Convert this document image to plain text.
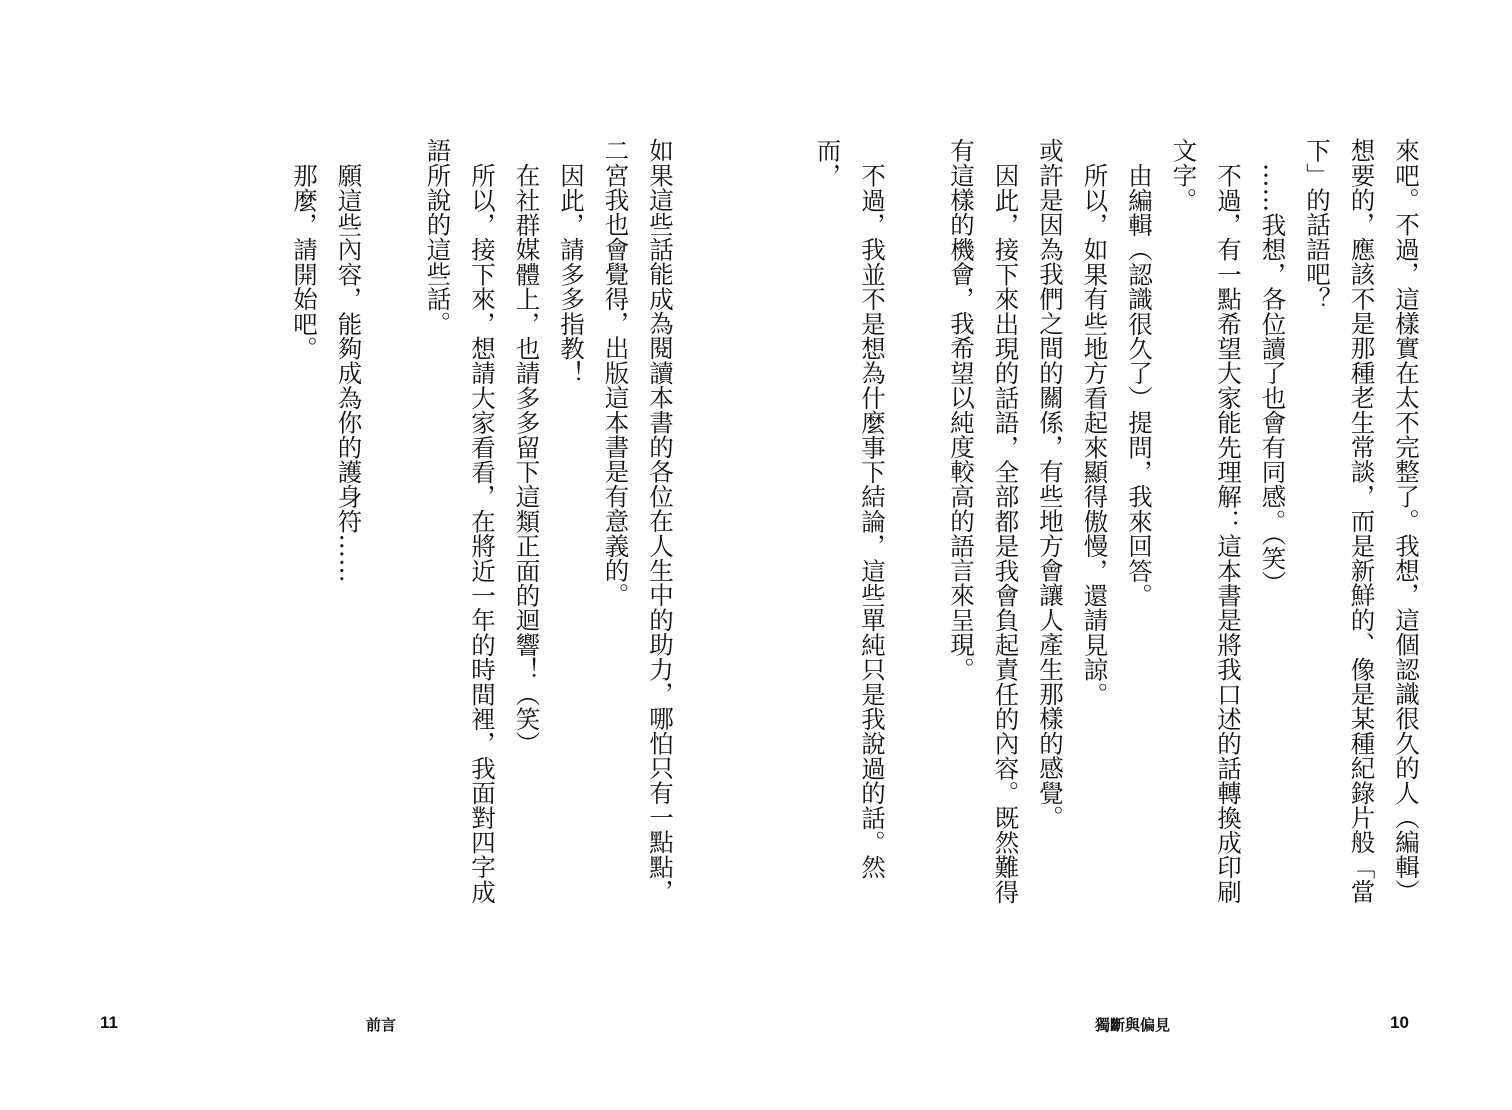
來吧。不過，這樣實在太不完整了。我想，這個認識很久的人（編輯）想要的，應該不是那種老生常談，而是新鮮的、像是某種紀錄片般「當下」的話語吧？

……我想，各位讀了也會有同感。（笑）

不過，有一點希望大家能先理解：這本書是將我口述的話轉換成印刷文字。

由編輯（認識很久了）提問，我來回答。

所以，如果有些地方看起來顯得傲慢，還請見諒。

或許是因為我們之間的關係，有些地方會讓人產生那樣的感覺。

因此，接下來出現的話語，全部都是我會負起責任的內容。既然難得有這樣的機會，我希望以純度較高的語言來呈現。

不過，我並不是想為什麼事下結論，這些單純只是我說過的話。然而，

10
獨斷與偏見

如果這些話能成為閱讀本書的各位在人生中的助力，哪怕只有一點點，二宮我也會覺得，出版這本書是有意義的。

因此，請多多指教！

在社群媒體上，也請多多留下這類正面的迴響！（笑）

所以，接下來，想請大家看看，在將近一年的時間裡，我面對四字成語所說的這些話。

願這些內容，能夠成為你的護身符……

那麼，請開始吧。

11	前言
